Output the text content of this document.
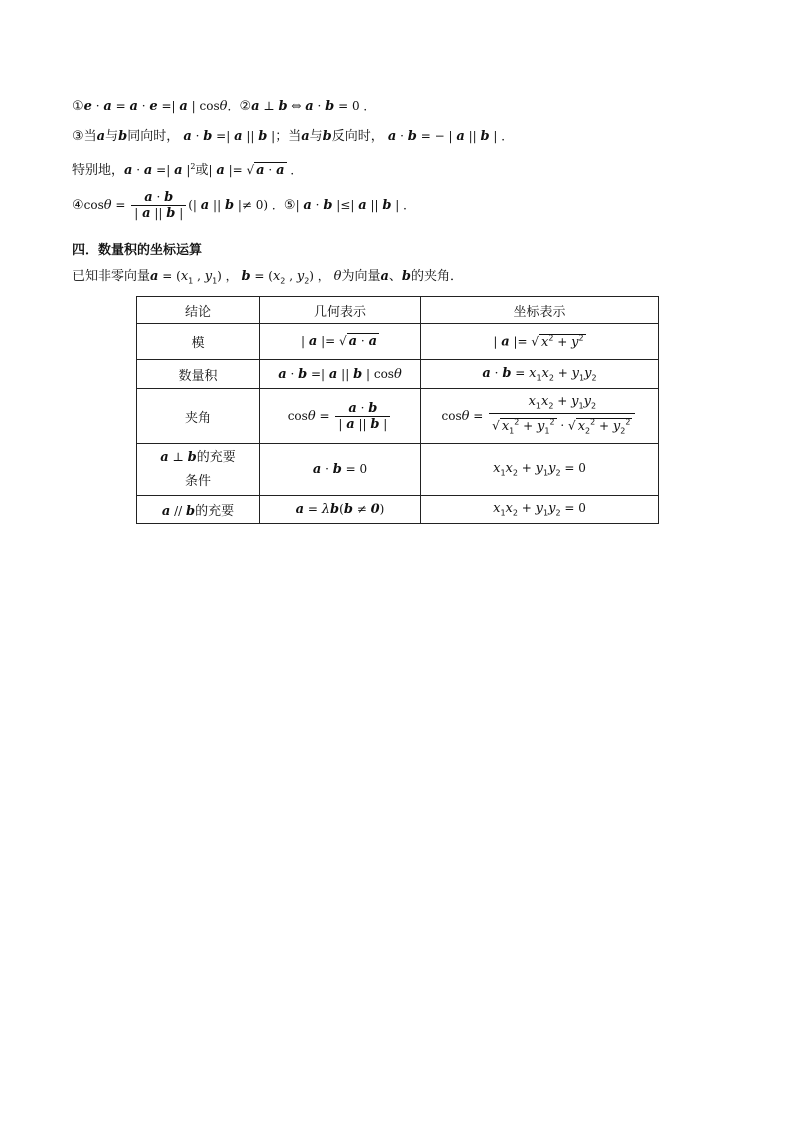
①e · a = a · e =| a | cosθ．②a ⊥ b ⇔ a · b = 0 ．
③当a与b同向时， a · b =| a || b |；当a与b反向时， a · b = − | a || b | ．
特别地，a · a =| a $|^2$或| a |= √ a · a ．
④cosθ = $\frac{a \cdot b}{| a || b |}$ (| a || b |≠ 0) ．⑤| a · b |≤| a || b | ．
四．数量积的坐标运算
已知非零向量$a = (x_1$ , $y_1$) ， $b = (x_2$ , $y_2$) ， θ为向量a、b的夹角．
结论	几何表示	坐标表示
模	| a |= √ a · a	| a |= √ $x^2 + y^2$
数量积	a · b =| a || b | cosθ	$a \cdot b = x_1x_2 + y_1y_2$
夹角	$\cos\theta = \frac{a \cdot b}{| a || b |}$	$\cos\theta = \frac{x_1x_2 + y_1y_2}{√ x_1^2 + y_1^2 \cdot √ x_2^2 + y_2^2}$

a ⊥ b的充要
条件	a · b = 0	$x_1x_2 + y_1y_2 = 0$
a // b的充要	a = λb(b ≠ 0)	$x_1x_2 + y_1y_2 = 0$
